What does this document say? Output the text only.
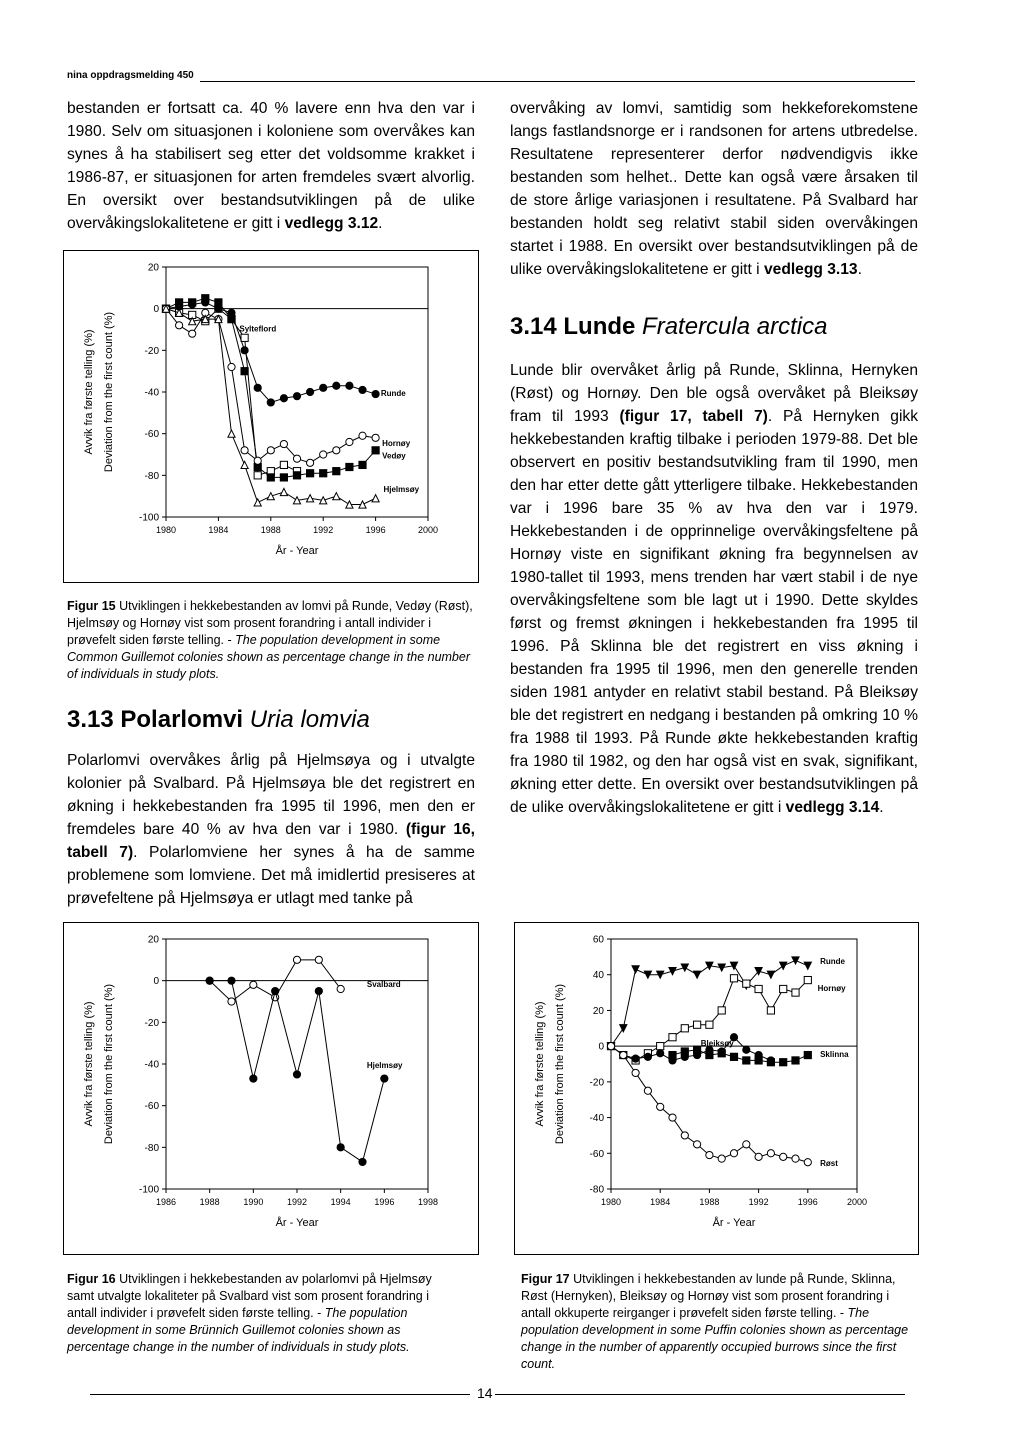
nina oppdragsmelding 450

bestanden er fortsatt ca. 40 % lavere enn hva den var i 1980. Selv om situasjonen i koloniene som overvåkes kan synes å ha stabilisert seg etter det voldsomme krakket i 1986-87, er situasjonen for arten fremdeles svært alvorlig. En oversikt over bestandsutviklingen på de ulike overvåkingslokalitetene er gitt i vedlegg 3.12.

20
0
-20
-40
-60
-80
-100
1980	1984	1988	1992	1996	2000
År - Year
Avvik fra første telling (%) Deviation from the first count (%)	Sylteflord
Runde
Hornøy
Vedøy
Hjelmsøy
Figur 15 Utviklingen i hekkebestanden av lomvi på Runde, Vedøy (Røst), Hjelmsøy og Hornøy vist som prosent forandring i antall individer i prøvefelt siden første telling. - The population development in some Common Guillemot colonies shown as percentage change in the number of individuals in study plots.
3.13 Polarlomvi Uria lomvia

Polarlomvi overvåkes årlig på Hjelmsøya og i utvalgte kolonier på Svalbard. På Hjelmsøya ble det registrert en økning i hekkebestanden fra 1995 til 1996, men den er fremdeles bare 40 % av hva den var i 1980. (figur 16, tabell 7). Polarlomviene her synes å ha de samme problemene som lomviene. Det må imidlertid presiseres at prøvefeltene på Hjelmsøya er utlagt med tanke på

overvåking av lomvi, samtidig som hekkeforekomstene langs fastlandsnorge er i randsonen for artens utbredelse. Resultatene representerer derfor nødvendigvis ikke bestanden som helhet.. Dette kan også være årsaken til de store årlige variasjonen i resultatene. På Svalbard har bestanden holdt seg relativt stabil siden overvåkingen startet i 1988. En oversikt over bestandsutviklingen på de ulike overvåkingslokalitetene er gitt i vedlegg 3.13.

3.14 Lunde Fratercula arctica

Lunde blir overvåket årlig på Runde, Sklinna, Hernyken (Røst) og Hornøy. Den ble også overvåket på Bleiksøy fram til 1993 (figur 17, tabell 7). På Hernyken gikk hekkebestanden kraftig tilbake i perioden 1979-88. Det ble observert en positiv bestandsutvikling fram til 1990, men den har etter dette gått ytterligere tilbake. Hekkebestanden var i 1996 bare 35 % av hva den var i 1979. Hekkebestanden i de opprinnelige overvåkingsfeltene på Hornøy viste en signifikant økning fra begynnelsen av 1980-tallet til 1993, mens trenden har vært stabil i de nye overvåkingsfeltene som ble lagt ut i 1990. Dette skyldes først og fremst økningen i hekkebestanden fra 1995 til 1996. På Sklinna ble det registrert en viss økning i bestanden fra 1995 til 1996, men den generelle trenden siden 1981 antyder en relativt stabil bestand. På Bleiksøy ble det registrert en nedgang i bestanden på omkring 10 % fra 1988 til 1993. På Runde økte hekkebestanden kraftig fra 1980 til 1982, og den har også vist en svak, signifikant, økning etter dette. En oversikt over bestandsutviklingen på de ulike overvåkingslokalitetene er gitt i vedlegg 3.14.

20
0
-20
-40
-60
-80
-100
1986	1988	1990	1992	1994	1996	1998
År - Year
Avvik fra første telling (%) Deviation from the first count (%)	Svalbard
Hjelmsøy
60
40
20
0
-20
-40
-60
-80
1980	1984	1988	1992	1996	2000
År - Year
Avvik fra første telling (%) Deviation from the first count (%)
Runde
Hornøy
Bleiksøy
Sklinna
Røst
Figur 16 Utviklingen i hekkebestanden av polarlomvi på Hjelmsøy samt utvalgte lokaliteter på Svalbard vist som prosent forandring i antall individer i prøvefelt siden første telling. - The population development in some Brünnich Guillemot colonies shown as percentage change in the number of individuals in study plots.
Figur 17 Utviklingen i hekkebestanden av lunde på Runde, Sklinna, Røst (Hernyken), Bleiksøy og Hornøy vist som prosent forandring i antall okkuperte reirganger i prøvefelt siden første telling. - The population development in some Puffin colonies shown as percentage change in the number of apparently occupied burrows since the first count.
14
